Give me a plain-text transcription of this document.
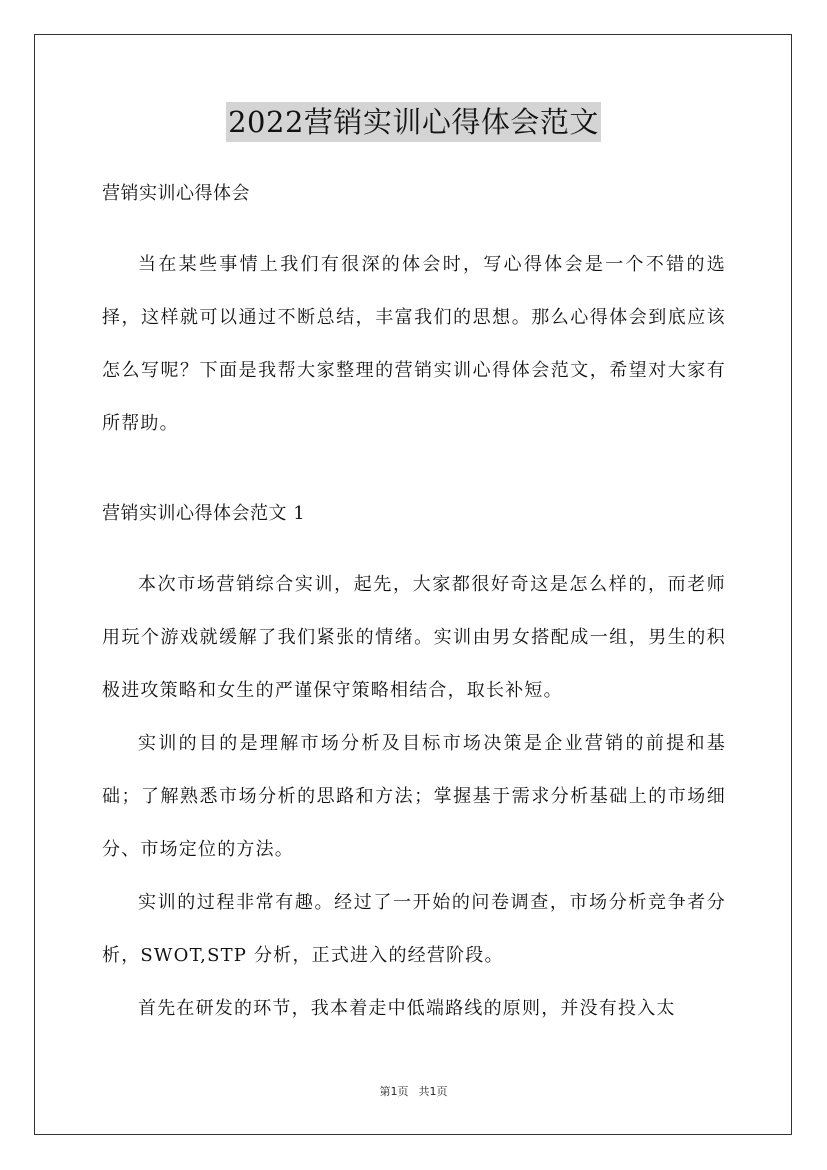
2022营销实训心得体会范文

营销实训心得体会

当在某些事情上我们有很深的体会时，写心得体会是一个不错的选择，这样就可以通过不断总结，丰富我们的思想。那么心得体会到底应该怎么写呢？下面是我帮大家整理的营销实训心得体会范文，希望对大家有所帮助。

营销实训心得体会范文 1

本次市场营销综合实训，起先，大家都很好奇这是怎么样的，而老师用玩个游戏就缓解了我们紧张的情绪。实训由男女搭配成一组，男生的积极进攻策略和女生的严谨保守策略相结合，取长补短。

实训的目的是理解市场分析及目标市场决策是企业营销的前提和基础；了解熟悉市场分析的思路和方法；掌握基于需求分析基础上的市场细分、市场定位的方法。

实训的过程非常有趣。经过了一开始的问卷调查，市场分析竞争者分析，SWOT,STP 分析，正式进入的经营阶段。

首先在研发的环节，我本着走中低端路线的原则，并没有投入太

第1页 共1页
